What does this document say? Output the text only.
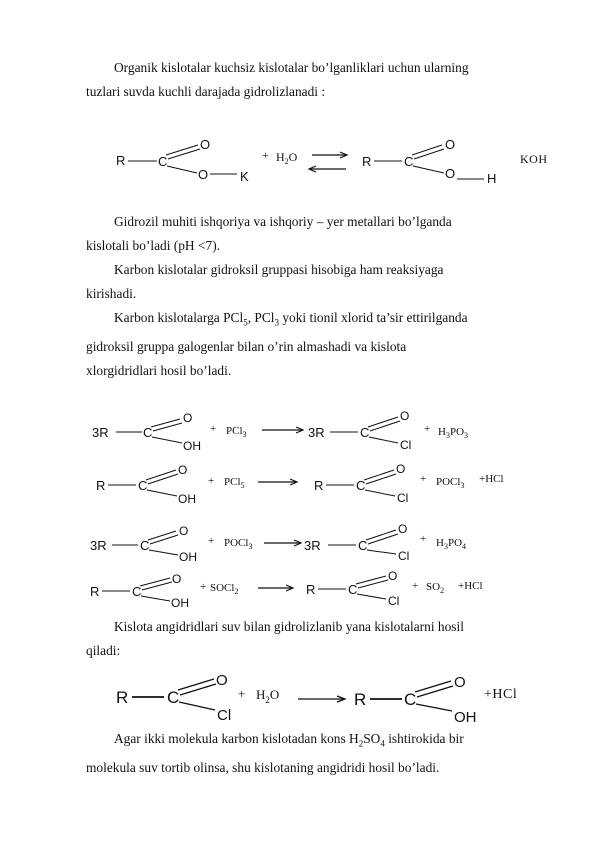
Organik kislotalar kuchsiz kislotalar bo’lganliklari uchun ularning
tuzlari suvda kuchli darajada gidrolizlanadi :

R	C
O
O K
+ $H_2O$	R	C
O
O H
KOH

Gidrozil muhiti ishqoriya va ishqoriy – yer metallari bo’lganda
kislotali bo’ladi (pH <7).

Karbon kislotalar gidroksil gruppasi hisobiga ham reaksiyaga
kirishadi.

Karbon kislotalarga PCl$_5$, PCl$_3$ yoki tionil xlorid ta’sir ettirilganda
gidroksil gruppa galogenlar bilan o’rin almashadi va kislota
xlorgidridlari hosil bo’ladi.

3R	C
O
OH
+ PCl$_3$	3R	C
O
Cl
+ $H_3PO_3$
R	C
O
OH
+ PCl$_5$	R	C
O
Cl
+ POCl$_3$
+HCl
3R	C
O
OH
+ POCl$_3$	3R	C
O
Cl
+ $H_3PO_4$
R	C
O
OH
+ SOCl$_2$	R	C
O
Cl
+ $SO_2 +HCl$

Kislota angidridlari suv bilan gidrolizlanib yana kislotalarni hosil
qiladi:

R C
O
Cl
+ $H_2O$	R C
O
OH
+HCl

Agar ikki molekula karbon kislotadan kons $H_2SO_4$ ishtirokida bir
molekula suv tortib olinsa, shu kislotaning angidridi hosil bo’ladi.
